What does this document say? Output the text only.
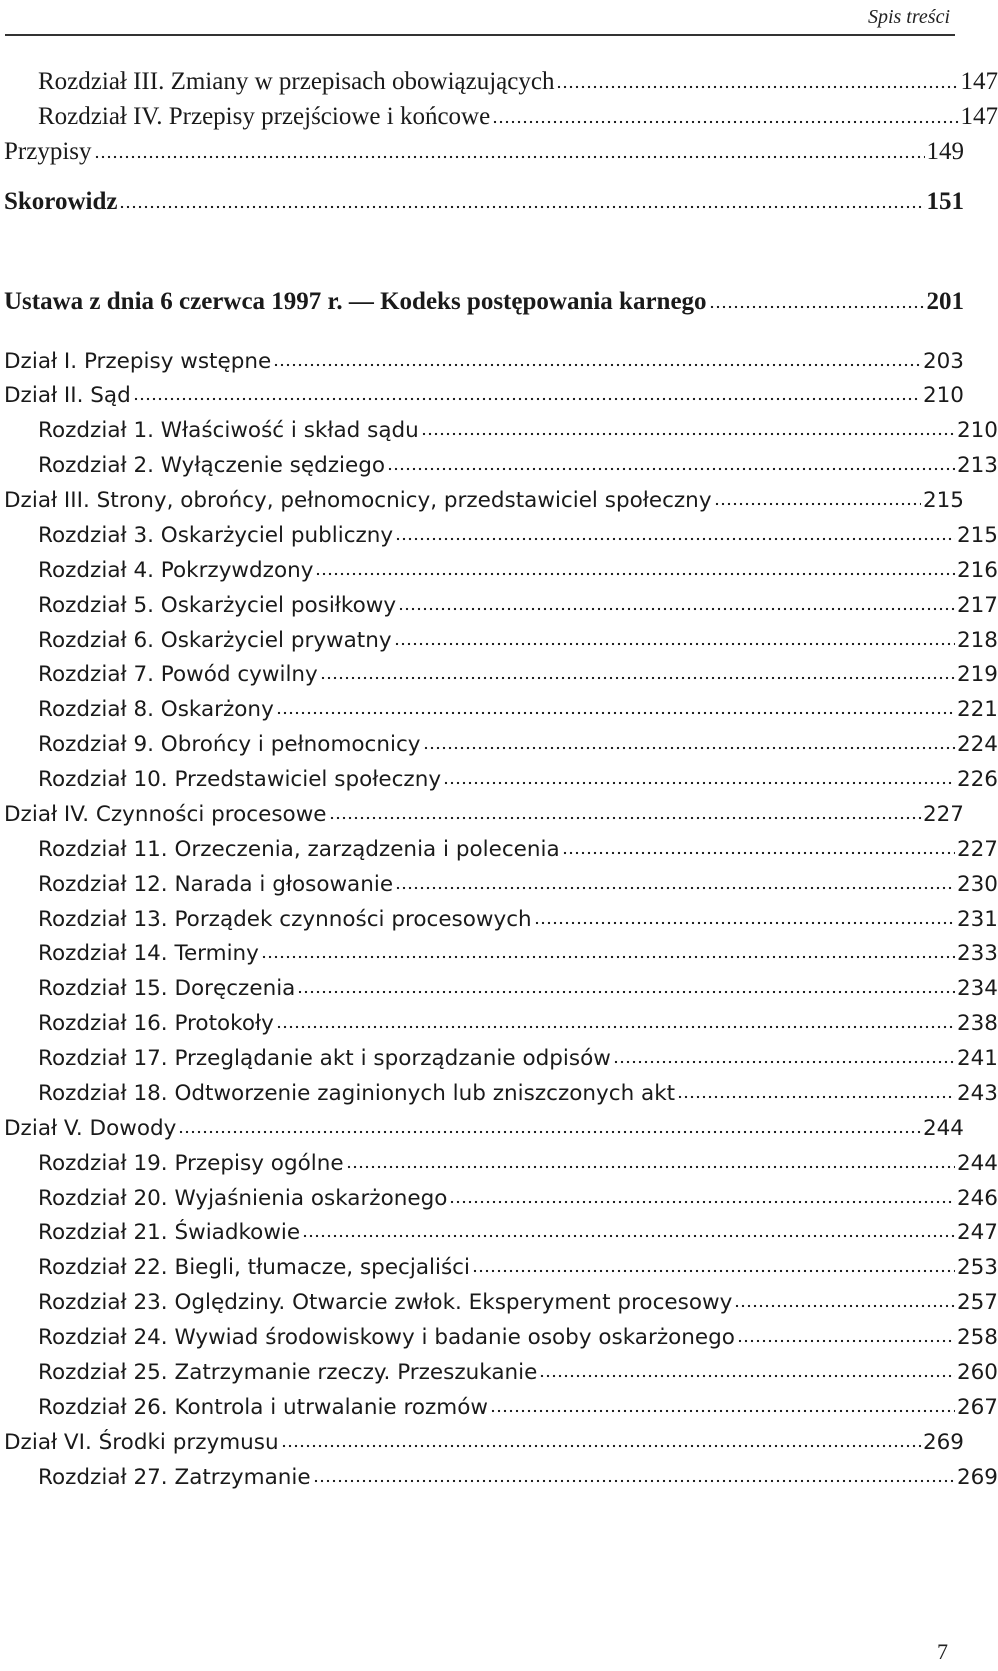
Spis treści
Rozdział III. Zmiany w przepisach obowiązujących	147
Rozdział IV. Przepisy przejściowe i końcowe	147
Przypisy	149
Skorowidz	151
Ustawa z dnia 6 czerwca 1997 r. — Kodeks postępowania karnego	201
Dział I. Przepisy wstępne	203
Dział II. Sąd	210
Rozdział 1. Właściwość i skład sądu	210
Rozdział 2. Wyłączenie sędziego	213
Dział III. Strony, obrońcy, pełnomocnicy, przedstawiciel społeczny	215
Rozdział 3. Oskarżyciel publiczny	215
Rozdział 4. Pokrzywdzony	216
Rozdział 5. Oskarżyciel posiłkowy	217
Rozdział 6. Oskarżyciel prywatny	218
Rozdział 7. Powód cywilny	219
Rozdział 8. Oskarżony	221
Rozdział 9. Obrońcy i pełnomocnicy	224
Rozdział 10. Przedstawiciel społeczny	226
Dział IV. Czynności procesowe	227
Rozdział 11. Orzeczenia, zarządzenia i polecenia	227
Rozdział 12. Narada i głosowanie	230
Rozdział 13. Porządek czynności procesowych	231
Rozdział 14. Terminy	233
Rozdział 15. Doręczenia	234
Rozdział 16. Protokoły	238
Rozdział 17. Przeglądanie akt i sporządzanie odpisów	241
Rozdział 18. Odtworzenie zaginionych lub zniszczonych akt	243
Dział V. Dowody	244
Rozdział 19. Przepisy ogólne	244
Rozdział 20. Wyjaśnienia oskarżonego	246
Rozdział 21. Świadkowie	247
Rozdział 22. Biegli, tłumacze, specjaliści	253
Rozdział 23. Oględziny. Otwarcie zwłok. Eksperyment procesowy	257
Rozdział 24. Wywiad środowiskowy i badanie osoby oskarżonego	258
Rozdział 25. Zatrzymanie rzeczy. Przeszukanie	260
Rozdział 26. Kontrola i utrwalanie rozmów	267
Dział VI. Środki przymusu	269
Rozdział 27. Zatrzymanie	269
7
